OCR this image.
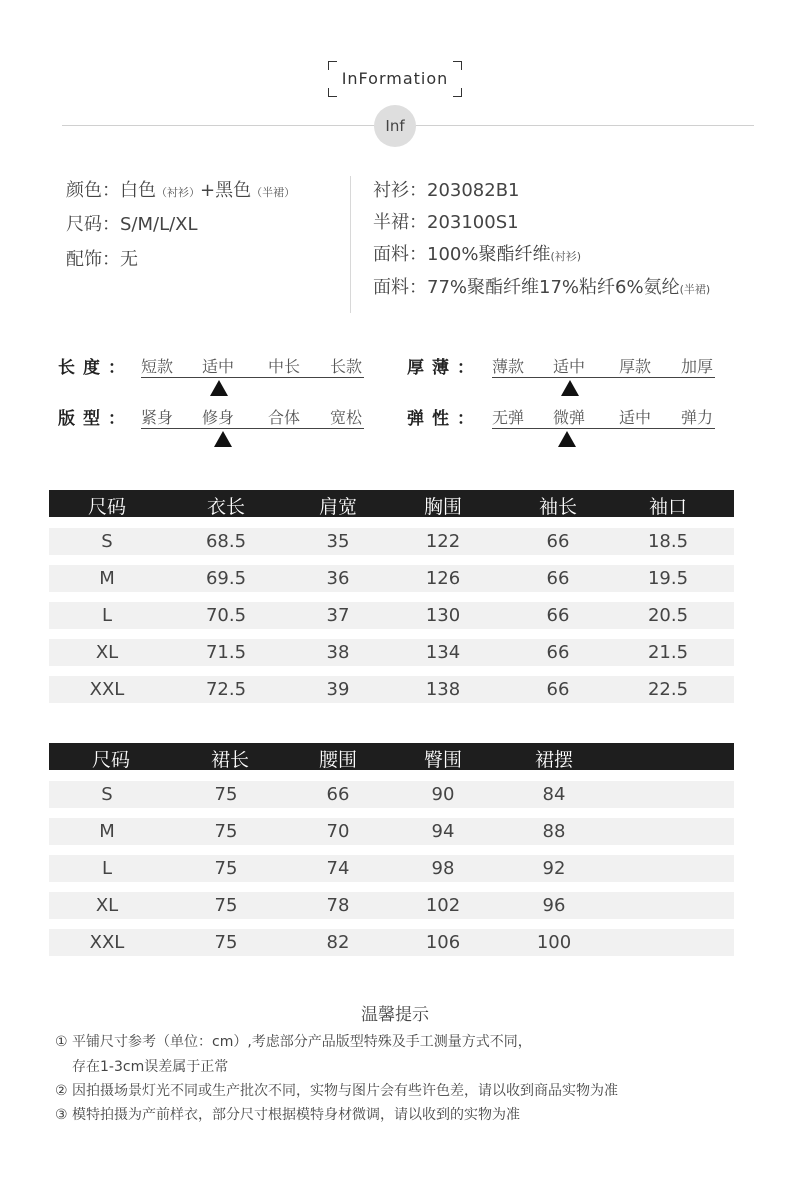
InFormation
Inf
颜色：白色（衬衫）+黑色（半裙）
尺码：S/M/L/XL
配饰：无
衬衫：203082B1
半裙：203100S1
面料：100%聚酯纤维(衬衫)
面料：77%聚酯纤维17%粘纤6%氨纶(半裙)
长度： 短款 适中 中长 长款	厚薄： 薄款 适中 厚款 加厚
版型： 紧身 修身 合体 宽松	弹性： 无弹 微弹 适中 弹力
尺码	衣长	肩宽	胸围	袖长	袖口
S	68.5	35	122	66	18.5
M	69.5	36	126	66	19.5
L	70.5	37	130	66	20.5
XL	71.5	38	134	66	21.5
XXL	72.5	39	138	66	22.5
尺码	裙长	腰围	臀围	裙摆
S	75	66	90	84
M	75	70	94	88
L	75	74	98	92
XL	75	78	102	96
XXL	75	82	106	100
温馨提示
① 平铺尺寸参考（单位：cm）,考虑部分产品版型特殊及手工测量方式不同，
存在1-3cm误差属于正常
② 因拍摄场景灯光不同或生产批次不同，实物与图片会有些许色差，请以收到商品实物为准
③ 模特拍摄为产前样衣，部分尺寸根据模特身材微调，请以收到的实物为准
